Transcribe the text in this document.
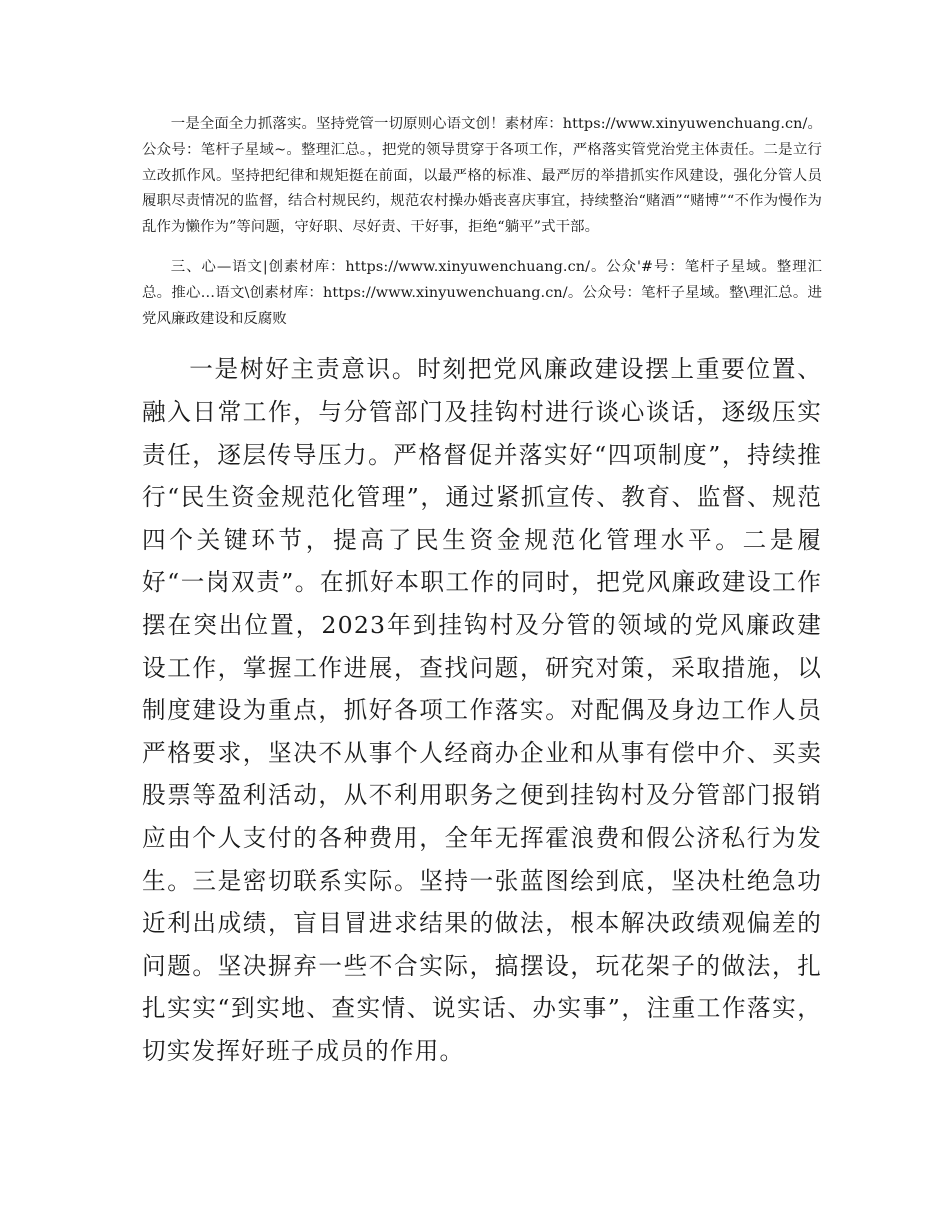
一是全面全力抓落实。坚持党管一切原则心语文创！素材库：https://www.xinyuwenchuang.cn/。公众号：笔杆子星域~。整理汇总。，把党的领导贯穿于各项工作，严格落实管党治党主体责任。二是立行立改抓作风。坚持把纪律和规矩挺在前面，以最严格的标准、最严厉的举措抓实作风建设，强化分管人员履职尽责情况的监督，结合村规民约，规范农村操办婚丧喜庆事宜，持续整治“赌酒”“赌博”“不作为慢作为乱作为懒作为”等问题，守好职、尽好责、干好事，拒绝“躺平”式干部。

三、心—语文|创素材库：https://www.xinyuwenchuang.cn/。公众'#号：笔杆子星域。整理汇总。推心…语文\创素材库：https://www.xinyuwenchuang.cn/。公众号：笔杆子星域。整\理汇总。进党风廉政建设和反腐败

一是树好主责意识。时刻把党风廉政建设摆上重要位置、融入日常工作，与分管部门及挂钩村进行谈心谈话，逐级压实责任，逐层传导压力。严格督促并落实好“四项制度”，持续推行“民生资金规范化管理”，通过紧抓宣传、教育、监督、规范四个关键环节，提高了民生资金规范化管理水平。二是履好“一岗双责”。在抓好本职工作的同时，把党风廉政建设工作摆在突出位置，2023年到挂钩村及分管的领域的党风廉政建设工作，掌握工作进展，查找问题，研究对策，采取措施，以制度建设为重点，抓好各项工作落实。对配偶及身边工作人员严格要求，坚决不从事个人经商办企业和从事有偿中介、买卖股票等盈利活动，从不利用职务之便到挂钩村及分管部门报销应由个人支付的各种费用，全年无挥霍浪费和假公济私行为发生。三是密切联系实际。坚持一张蓝图绘到底，坚决杜绝急功近利出成绩，盲目冒进求结果的做法，根本解决政绩观偏差的问题。坚决摒弃一些不合实际，搞摆设，玩花架子的做法，扎扎实实“到实地、查实情、说实话、办实事”，注重工作落实，切实发挥好班子成员的作用。
